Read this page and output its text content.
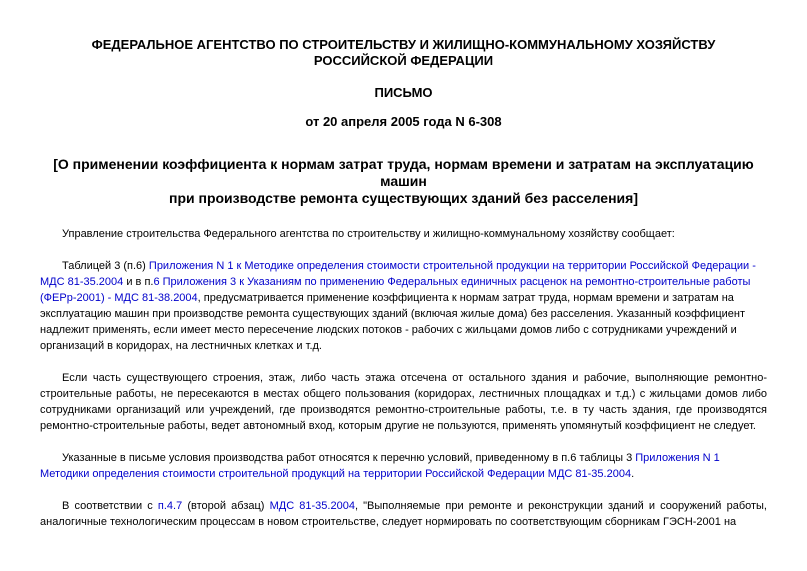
ФЕДЕРАЛЬНОЕ АГЕНТСТВО ПО СТРОИТЕЛЬСТВУ И ЖИЛИЩНО-КОММУНАЛЬНОМУ ХОЗЯЙСТВУ
РОССИЙСКОЙ ФЕДЕРАЦИИ
ПИСЬМО
от 20 апреля 2005 года N 6-308
[О применении коэффициента к нормам затрат труда, нормам времени и затратам на эксплуатацию машин
при производстве ремонта существующих зданий без расселения]

Управление строительства Федерального агентства по строительству и жилищно-коммунальному хозяйству сообщает:

Таблицей 3 (п.6) Приложения N 1 к Методике определения стоимости строительной продукции на территории Российской Федерации - МДС 81-35.2004 и в п.6 Приложения 3 к Указаниям по применению Федеральных единичных расценок на ремонтно-строительные работы (ФЕРр-2001) - МДС 81-38.2004, предусматривается применение коэффициента к нормам затрат труда, нормам времени и затратам на эксплуатацию машин при производстве ремонта существующих зданий (включая жилые дома) без расселения. Указанный коэффициент надлежит применять, если имеет место пересечение людских потоков - рабочих с жильцами домов либо с сотрудниками учреждений и организаций в коридорах, на лестничных клетках и т.д.

Если часть существующего строения, этаж, либо часть этажа отсечена от остального здания и рабочие, выполняющие ремонтно-строительные работы, не пересекаются в местах общего пользования (коридорах, лестничных площадках и т.д.) с жильцами домов либо сотрудниками организаций или учреждений, где производятся ремонтно-строительные работы, т.е. в ту часть здания, где производятся ремонтно-строительные работы, ведет автономный вход, которым другие не пользуются, применять упомянутый коэффициент не следует.

Указанные в письме условия производства работ относятся к перечню условий, приведенному в п.6 таблицы 3 Приложения N 1 Методики определения стоимости строительной продукций на территории Российской Федерации МДС 81-35.2004.

В соответствии с п.4.7 (второй абзац) МДС 81-35.2004, "Выполняемые при ремонте и реконструкции зданий и сооружений работы, аналогичные технологическим процессам в новом строительстве, следует нормировать по соответствующим сборникам ГЭСН-2001 на
